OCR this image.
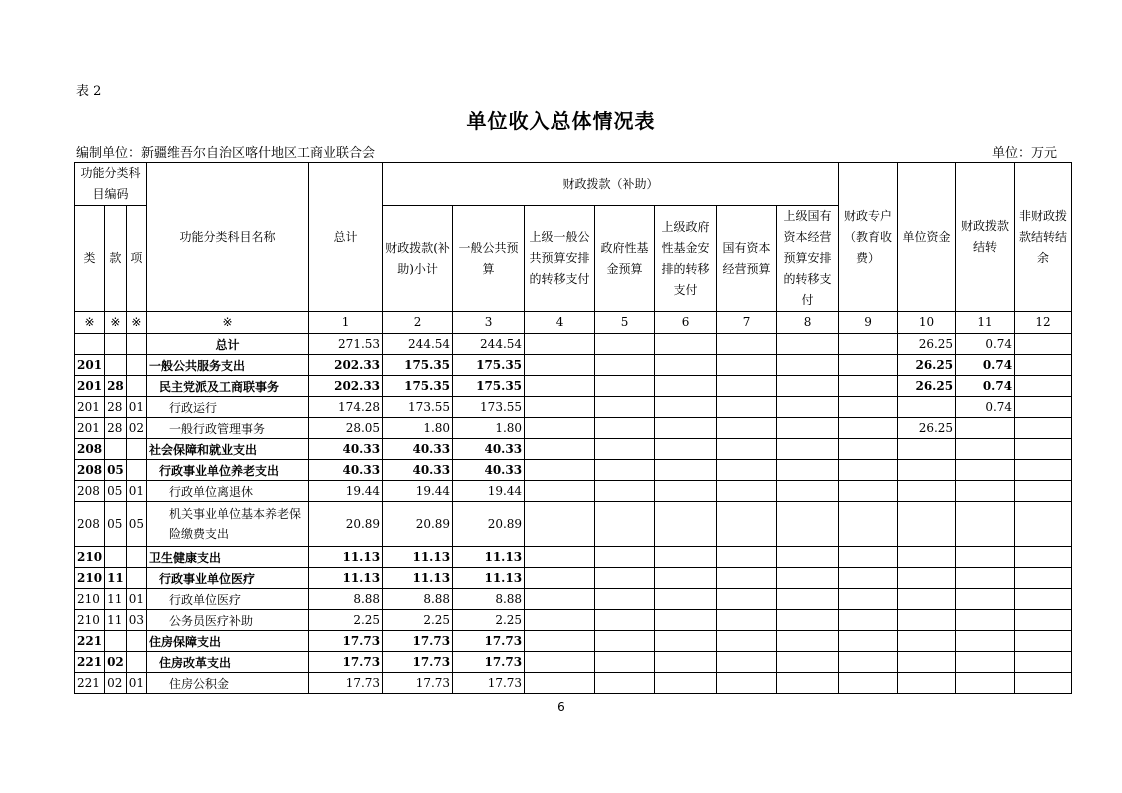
表 2
单位收入总体情况表
编制单位：新疆维吾尔自治区喀什地区工商业联合会	单位：万元
功能分类科目编码			功能分类科目名称	总计	财政拨款（补助）							财政专户（教育收费）	单位资金	财政拨款结转	非财政拨款结转结余
类	款	项			财政拨款(补助)小计	一般公共预算	上级一般公共预算安排的转移支付	政府性基金预算	上级政府性基金安排的转移支付	国有资本经营预算	上级国有资本经营预算安排的转移支付				
※	※	※	※	1	2	3	4	5	6	7	8	9	10	11	12
			总计	271.53	244.54	244.54							26.25	0.74	
201			一般公共服务支出	202.33	175.35	175.35							26.25	0.74	
201	28		民主党派及工商联事务	202.33	175.35	175.35							26.25	0.74	
201	28	01	行政运行	174.28	173.55	173.55								0.74	
201	28	02	一般行政管理事务	28.05	1.80	1.80							26.25		
208			社会保障和就业支出	40.33	40.33	40.33									
208	05		行政事业单位养老支出	40.33	40.33	40.33									
208	05	01	行政单位离退休	19.44	19.44	19.44									
208	05	05	机关事业单位基本养老保险缴费支出	20.89	20.89	20.89									
210			卫生健康支出	11.13	11.13	11.13									
210	11		行政事业单位医疗	11.13	11.13	11.13									
210	11	01	行政单位医疗	8.88	8.88	8.88									
210	11	03	公务员医疗补助	2.25	2.25	2.25									
221			住房保障支出	17.73	17.73	17.73									
221	02		住房改革支出	17.73	17.73	17.73									
221	02	01	住房公积金	17.73	17.73	17.73									
6
